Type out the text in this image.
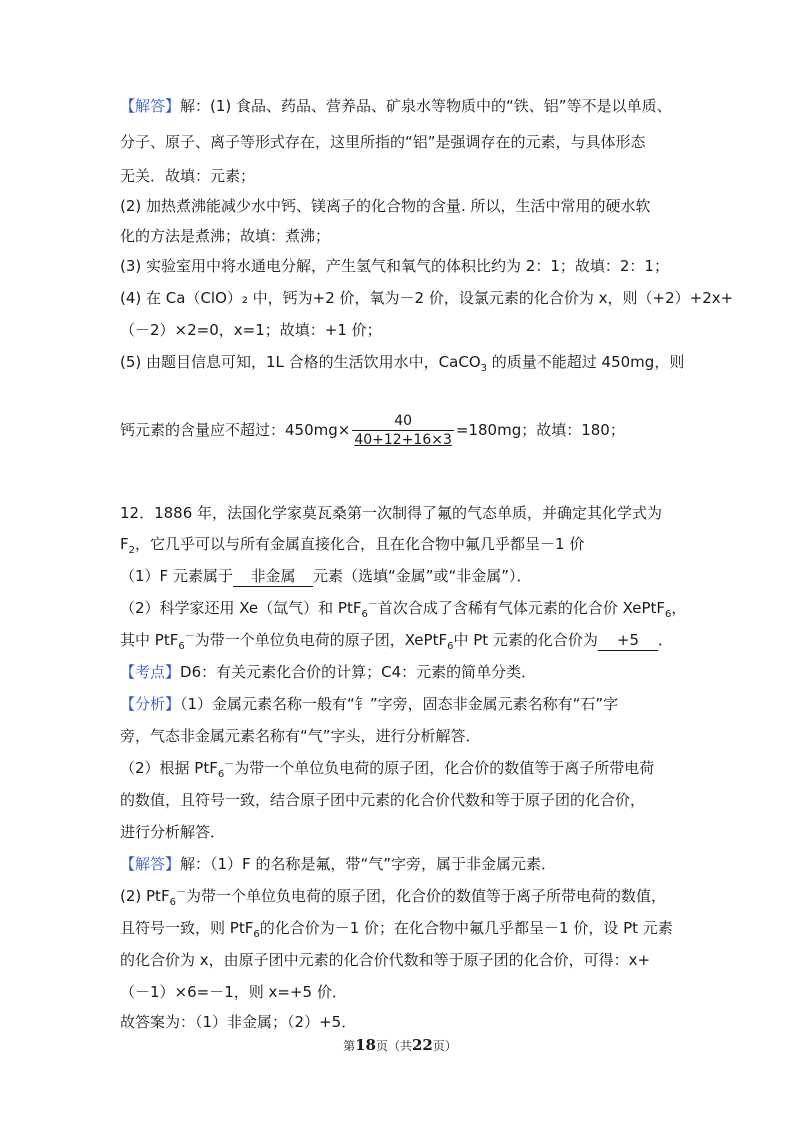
【解答】解：(1) 食品、药品、营养品、矿泉水等物质中的“铁、铝”等不是以单质、
分子、原子、离子等形式存在，这里所指的“铝”是强调存在的元素，与具体形态
无关．故填：元素；
(2) 加热煮沸能减少水中钙、镁离子的化合物的含量. 所以，生活中常用的硬水软
化的方法是煮沸；故填：煮沸；
(3) 实验室用中将水通电分解，产生氢气和氧气的体积比约为 2：1；故填：2：1；
(4) 在 Ca（ClO）₂ 中，钙为+2 价，氧为－2 价，设氯元素的化合价为 x，则（+2）+2x+
（－2）×2=0，x=1；故填：+1 价；
(5) 由题目信息可知，1L 合格的生活饮用水中，CaCO$_3$ 的质量不能超过 450mg，则
钙元素的含量应不超过：$450mg\times \frac{40}{40+12+16\times 3} =180mg$；故填：180；
12．1886 年，法国化学家莫瓦桑第一次制得了氟的气态单质，并确定其化学式为
$F_2$，它几乎可以与所有金属直接化合，且在化合物中氟几乎都呈－1 价
（1）F 元素属于 非金属 元素（选填“金属”或“非金属”）．
（2）科学家还用 Xe（氙气）和 PtF$_6$－首次合成了含稀有气体元素的化合价 XePtF$_6$，
其中 PtF$_6$－为带一个单位负电荷的原子团，XePtF$_6$中 Pt 元素的化合价为 +5 ．
【考点】D6：有关元素化合价的计算；C4：元素的简单分类．
【分析】（1）金属元素名称一般有“钅”字旁，固态非金属元素名称有“石”字
旁，气态非金属元素名称有“气”字头，进行分析解答．
（2）根据 PtF$_6$－为带一个单位负电荷的原子团，化合价的数值等于离子所带电荷
的数值，且符号一致，结合原子团中元素的化合价代数和等于原子团的化合价，
进行分析解答．
【解答】解：（1）F 的名称是氟，带“气”字旁，属于非金属元素．
(2) PtF$_6$－为带一个单位负电荷的原子团，化合价的数值等于离子所带电荷的数值，
且符号一致，则 PtF$_6$的化合价为－1 价；在化合物中氟几乎都呈－1 价，设 Pt 元素
的化合价为 x，由原子团中元素的化合价代数和等于原子团的化合价，可得：x+
（－1）×6=－1，则 x=+5 价．
故答案为：（1）非金属；（2）+5．
第18页（共22页）
